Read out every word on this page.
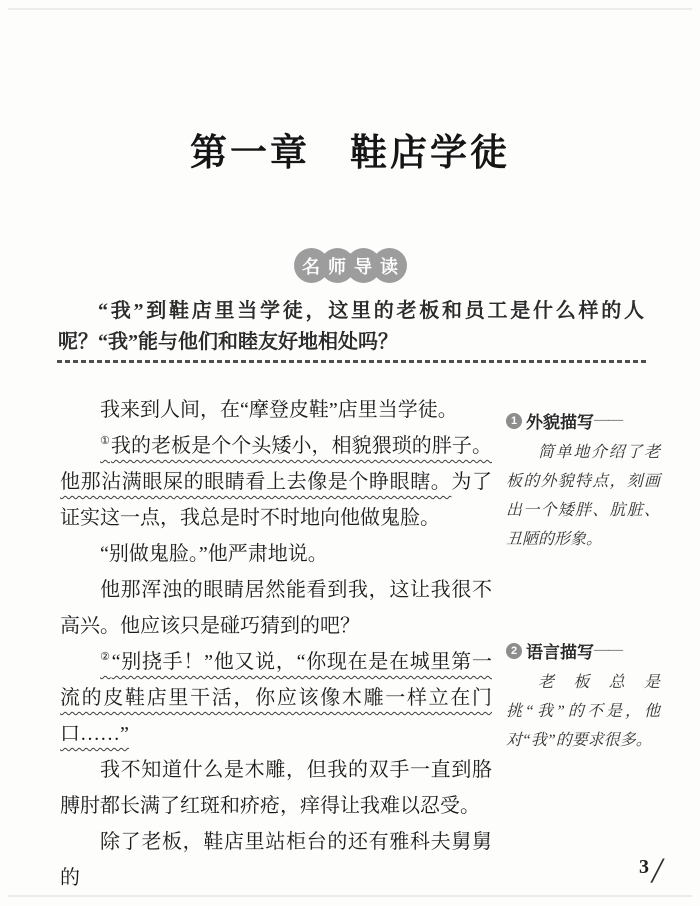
第一章　鞋店学徒
名 师 导 读

“我”到鞋店里当学徒，这里的老板和员工是什么样的人呢？“我”能与他们和睦友好地相处吗？

我来到人间，在“摩登皮鞋”店里当学徒。

①我的老板是个个头矮小，相貌猥琐的胖子。他那沾满眼屎的眼睛看上去像是个睁眼瞎。为了证实这一点，我总是时不时地向他做鬼脸。

“别做鬼脸。”他严肃地说。

他那浑浊的眼睛居然能看到我，这让我很不高兴。他应该只是碰巧猜到的吧？

②“别挠手！”他又说，“你现在是在城里第一流的皮鞋店里干活，你应该像木雕一样立在门口……”

我不知道什么是木雕，但我的双手一直到胳膊肘都长满了红斑和疥疮，痒得让我难以忍受。

除了老板，鞋店里站柜台的还有雅科夫舅舅的

1 外貌描写 ——

简单地介绍了老板的外貌特点，刻画出一个矮胖、肮脏、丑陋的形象。

2 语言描写 ——

老板总是挑“我”的不是，他对“我”的要求很多。

3 /
